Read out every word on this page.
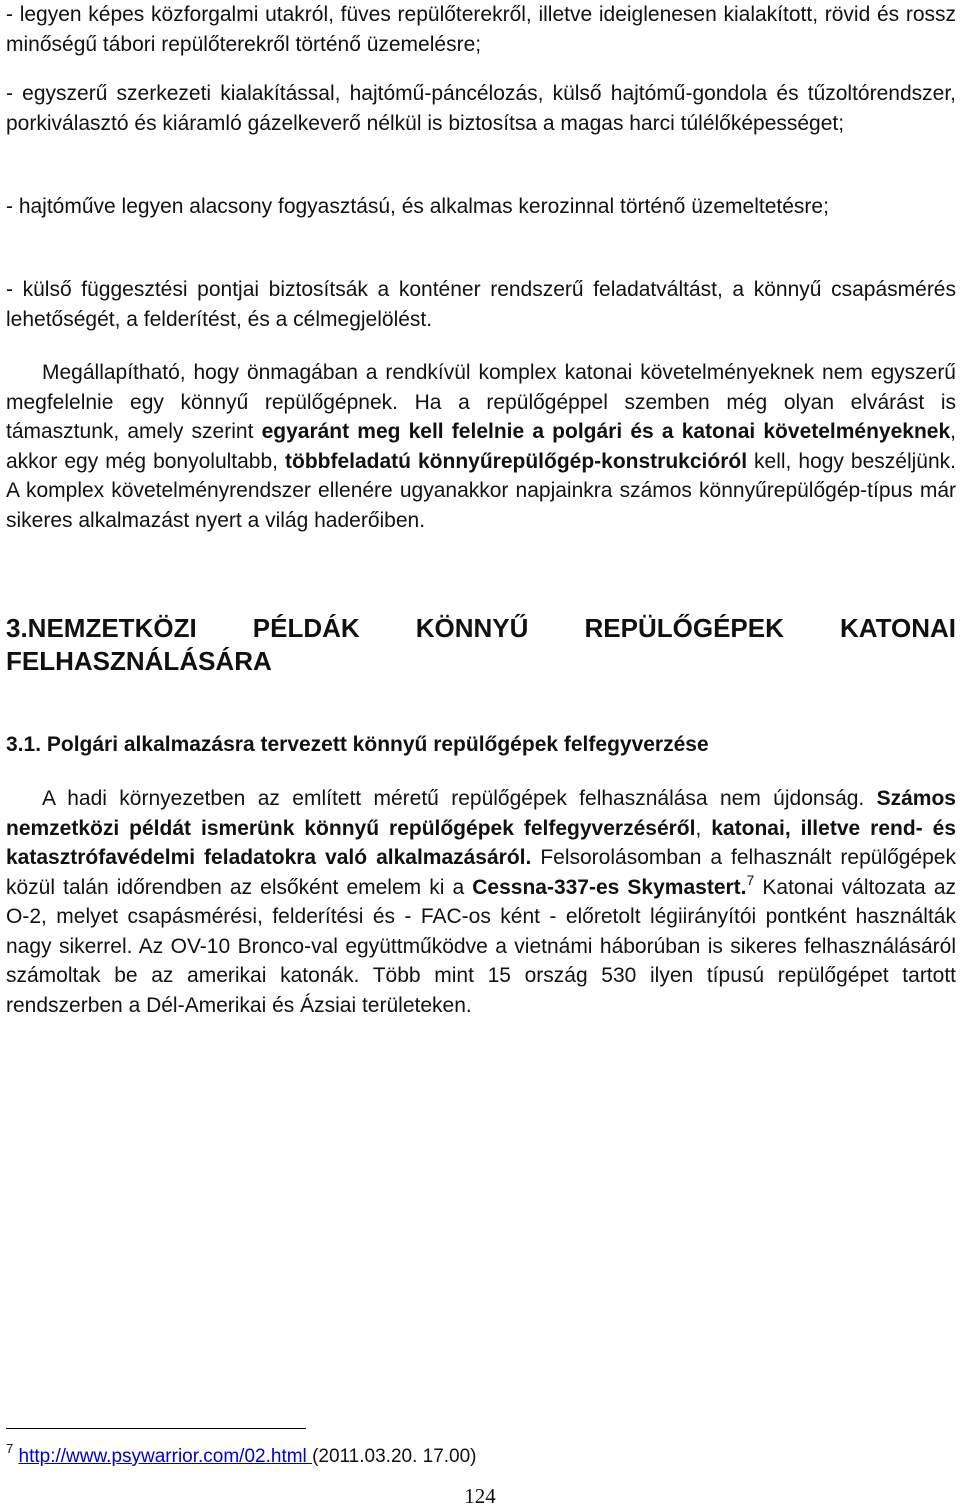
- legyen képes közforgalmi utakról, füves repülőterekről, illetve ideiglenesen kialakított, rövid és rossz minőségű tábori repülőterekről történő üzemelésre;

- egyszerű szerkezeti kialakítással, hajtómű-páncélozás, külső hajtómű-gondola és tűzoltórendszer, porkiválasztó és kiáramló gázelkeverő nélkül is biztosítsa a magas harci túlélőképességet;

- hajtóműve legyen alacsony fogyasztású, és alkalmas kerozinnal történő üzemeltetésre;

- külső függesztési pontjai biztosítsák a konténer rendszerű feladatváltást, a könnyű csapásmérés lehetőségét, a felderítést, és a célmegjelölést.

Megállapítható, hogy önmagában a rendkívül komplex katonai követelményeknek nem egyszerű megfelelnie egy könnyű repülőgépnek. Ha a repülőgéppel szemben még olyan elvárást is támasztunk, amely szerint egyaránt meg kell felelnie a polgári és a katonai követelményeknek, akkor egy még bonyolultabb, többfeladatú könnyűrepülőgép-konstrukcióról kell, hogy beszéljünk. A komplex követelményrendszer ellenére ugyanakkor napjainkra számos könnyűrepülőgép-típus már sikeres alkalmazást nyert a világ haderőiben.

3.NEMZETKÖZI PÉLDÁK KÖNNYŰ REPÜLŐGÉPEK KATONAI FELHASZNÁLÁSÁRA
3.1. Polgári alkalmazásra tervezett könnyű repülőgépek felfegyverzése

A hadi környezetben az említett méretű repülőgépek felhasználása nem újdonság. Számos nemzetközi példát ismerünk könnyű repülőgépek felfegyverzéséről, katonai, illetve rend- és katasztrófavédelmi feladatokra való alkalmazásáról. Felsorolásomban a felhasznált repülőgépek közül talán időrendben az elsőként emelem ki a Cessna-337-es Skymastert.$^7$ Katonai változata az O-2, melyet csapásmérési, felderítési és - FAC-os ként - előretolt légiirányítói pontként használták nagy sikerrel. Az OV-10 Bronco-val együttműködve a vietnámi háborúban is sikeres felhasználásáról számoltak be az amerikai katonák. Több mint 15 ország 530 ilyen típusú repülőgépet tartott rendszerben a Dél-Amerikai és Ázsiai területeken.

$^7$ http://www.psywarrior.com/02.html (2011.03.20. 17.00)
124
